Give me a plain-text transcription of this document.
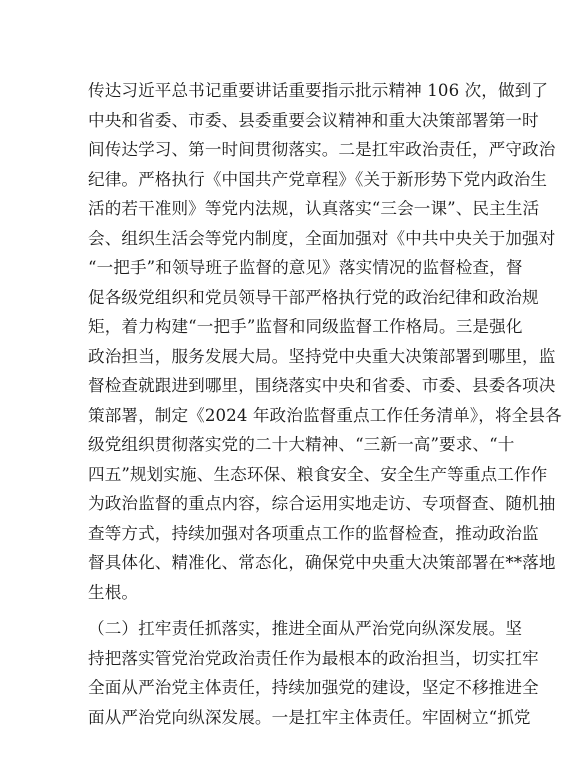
传达习近平总书记重要讲话重要指示批示精神 106 次，做到了
中央和省委、市委、县委重要会议精神和重大决策部署第一时
间传达学习、第一时间贯彻落实。二是扛牢政治责任，严守政治
纪律。严格执行《中国共产党章程》《关于新形势下党内政治生
活的若干准则》等党内法规，认真落实“三会一课”、民主生活
会、组织生活会等党内制度，全面加强对《中共中央关于加强对
“一把手”和领导班子监督的意见》落实情况的监督检查，督
促各级党组织和党员领导干部严格执行党的政治纪律和政治规
矩，着力构建“一把手”监督和同级监督工作格局。三是强化
政治担当，服务发展大局。坚持党中央重大决策部署到哪里，监
督检查就跟进到哪里，围绕落实中央和省委、市委、县委各项决
策部署，制定《2024 年政治监督重点工作任务清单》，将全县各
级党组织贯彻落实党的二十大精神、“三新一高”要求、“十
四五”规划实施、生态环保、粮食安全、安全生产等重点工作作
为政治监督的重点内容，综合运用实地走访、专项督查、随机抽
查等方式，持续加强对各项重点工作的监督检查，推动政治监
督具体化、精准化、常态化，确保党中央重大决策部署在**落地
生根。
（二）扛牢责任抓落实，推进全面从严治党向纵深发展。坚
持把落实管党治党政治责任作为最根本的政治担当，切实扛牢
全面从严治党主体责任，持续加强党的建设，坚定不移推进全
面从严治党向纵深发展。一是扛牢主体责任。牢固树立“抓党
